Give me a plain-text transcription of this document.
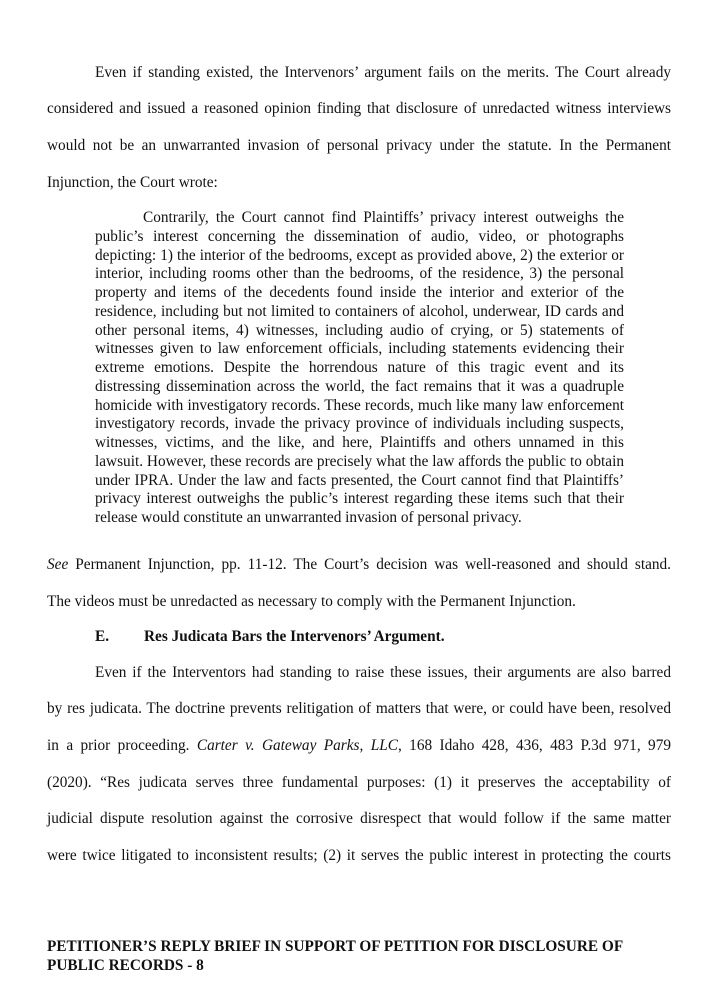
Even if standing existed, the Intervenors’ argument fails on the merits. The Court already
considered and issued a reasoned opinion finding that disclosure of unredacted witness interviews
would not be an unwarranted invasion of personal privacy under the statute. In the Permanent
Injunction, the Court wrote:
Contrarily, the Court cannot find Plaintiffs’ privacy interest outweighs the public’s interest concerning the dissemination of audio, video, or photographs depicting: 1) the interior of the bedrooms, except as provided above, 2) the exterior or interior, including rooms other than the bedrooms, of the residence, 3) the personal property and items of the decedents found inside the interior and exterior of the residence, including but not limited to containers of alcohol, underwear, ID cards and other personal items, 4) witnesses, including audio of crying, or 5) statements of witnesses given to law enforcement officials, including statements evidencing their extreme emotions. Despite the horrendous nature of this tragic event and its distressing dissemination across the world, the fact remains that it was a quadruple homicide with investigatory records. These records, much like many law enforcement investigatory records, invade the privacy province of individuals including suspects, witnesses, victims, and the like, and here, Plaintiffs and others unnamed in this lawsuit. However, these records are precisely what the law affords the public to obtain under IPRA. Under the law and facts presented, the Court cannot find that Plaintiffs’ privacy interest outweighs the public’s interest regarding these items such that their release would constitute an unwarranted invasion of personal privacy.
See Permanent Injunction, pp. 11-12. The Court’s decision was well-reasoned and should stand.
The videos must be unredacted as necessary to comply with the Permanent Injunction.
E. Res Judicata Bars the Intervenors’ Argument.
Even if the Interventors had standing to raise these issues, their arguments are also barred
by res judicata. The doctrine prevents relitigation of matters that were, or could have been, resolved
in a prior proceeding. Carter v. Gateway Parks, LLC, 168 Idaho 428, 436, 483 P.3d 971, 979
(2020). “Res judicata serves three fundamental purposes: (1) it preserves the acceptability of
judicial dispute resolution against the corrosive disrespect that would follow if the same matter
were twice litigated to inconsistent results; (2) it serves the public interest in protecting the courts
PETITIONER’S REPLY BRIEF IN SUPPORT OF PETITION FOR DISCLOSURE OF
PUBLIC RECORDS - 8
